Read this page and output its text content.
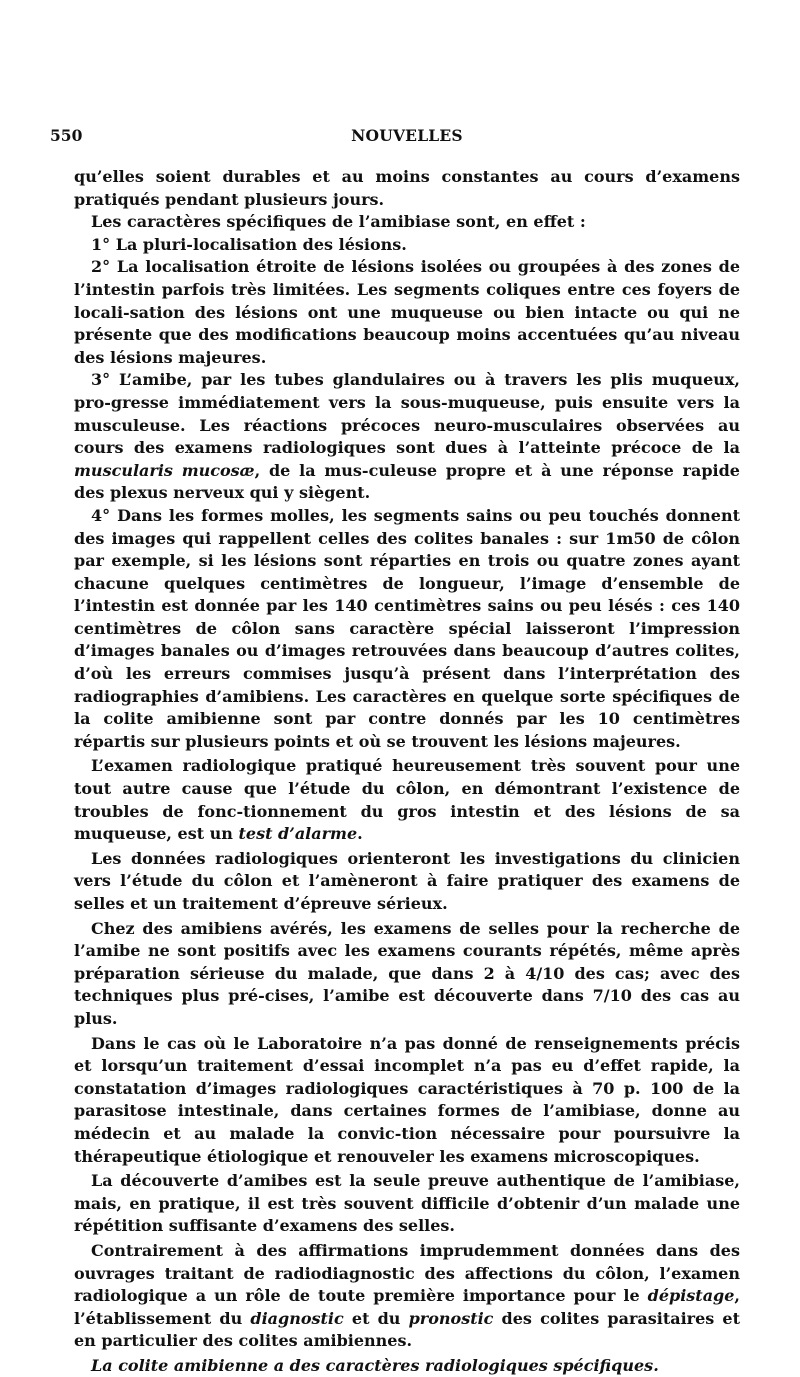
550	NOUVELLES

qu’elles soient durables et au moins constantes au cours d’examens pratiqués pendant plusieurs jours.

Les caractères spécifiques de l’amibiase sont, en effet :

1° La pluri-localisation des lésions.

2° La localisation étroite de lésions isolées ou groupées à des zones de l’intestin parfois très limitées. Les segments coliques entre ces foyers de locali-sation des lésions ont une muqueuse ou bien intacte ou qui ne présente que des modifications beaucoup moins accentuées qu’au niveau des lésions majeures.

3° L’amibe, par les tubes glandulaires ou à travers les plis muqueux, pro-gresse immédiatement vers la sous-muqueuse, puis ensuite vers la musculeuse. Les réactions précoces neuro-musculaires observées au cours des examens radiologiques sont dues à l’atteinte précoce de la muscularis mucosæ, de la mus-culeuse propre et à une réponse rapide des plexus nerveux qui y siègent.

4° Dans les formes molles, les segments sains ou peu touchés donnent des images qui rappellent celles des colites banales : sur 1m50 de côlon par exemple, si les lésions sont réparties en trois ou quatre zones ayant chacune quelques centimètres de longueur, l’image d’ensemble de l’intestin est donnée par les 140 centimètres sains ou peu lésés : ces 140 centimètres de côlon sans caractère spécial laisseront l’impression d’images banales ou d’images retrouvées dans beaucoup d’autres colites, d’où les erreurs commises jusqu’à présent dans l’interprétation des radiographies d’amibiens. Les caractères en quelque sorte spécifiques de la colite amibienne sont par contre donnés par les 10 centimètres répartis sur plusieurs points et où se trouvent les lésions majeures.

L’examen radiologique pratiqué heureusement très souvent pour une tout autre cause que l’étude du côlon, en démontrant l’existence de troubles de fonc-tionnement du gros intestin et des lésions de sa muqueuse, est un test d’alarme.

Les données radiologiques orienteront les investigations du clinicien vers l’étude du côlon et l’amèneront à faire pratiquer des examens de selles et un traitement d’épreuve sérieux.

Chez des amibiens avérés, les examens de selles pour la recherche de l’amibe ne sont positifs avec les examens courants répétés, même après préparation sérieuse du malade, que dans 2 à 4/10 des cas; avec des techniques plus pré-cises, l’amibe est découverte dans 7/10 des cas au plus.

Dans le cas où le Laboratoire n’a pas donné de renseignements précis et lorsqu’un traitement d’essai incomplet n’a pas eu d’effet rapide, la constatation d’images radiologiques caractéristiques à 70 p. 100 de la parasitose intestinale, dans certaines formes de l’amibiase, donne au médecin et au malade la convic-tion nécessaire pour poursuivre la thérapeutique étiologique et renouveler les examens microscopiques.

La découverte d’amibes est la seule preuve authentique de l’amibiase, mais, en pratique, il est très souvent difficile d’obtenir d’un malade une répétition suffisante d’examens des selles.

Contrairement à des affirmations imprudemment données dans des ouvrages traitant de radiodiagnostic des affections du côlon, l’examen radiologique a un rôle de toute première importance pour le dépistage, l’établissement du diagnostic et du pronostic des colites parasitaires et en particulier des colites amibiennes.

La colite amibienne a des caractères radiologiques spécifiques.
